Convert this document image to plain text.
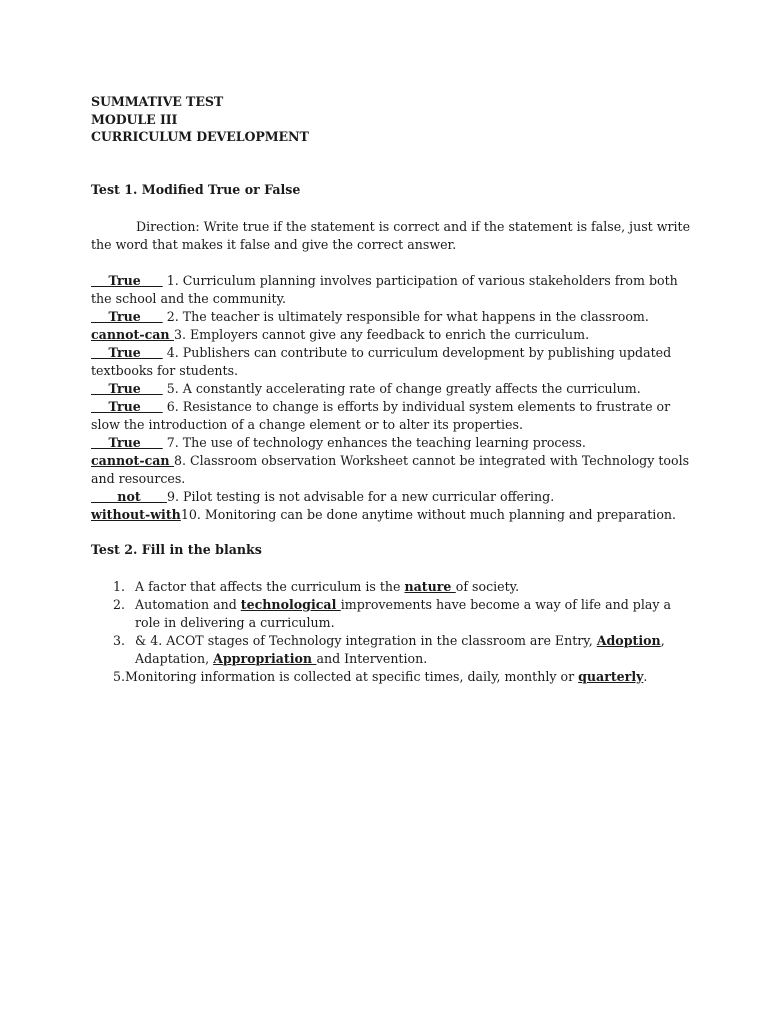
SUMMATIVE TEST
MODULE III
CURRICULUM DEVELOPMENT
Test 1. Modified True or False
Direction: Write true if the statement is correct and if the statement is false, just write the word that makes it false and give the correct answer.
True      1. Curriculum planning involves participation of various stakeholders from both the school and the community.
True      2. The teacher is ultimately responsible for what happens in the classroom.
cannot-can 3. Employers cannot give any feedback to enrich the curriculum.
True      4. Publishers can contribute to curriculum development by publishing updated textbooks for students.
True      5. A constantly accelerating rate of change greatly affects the curriculum.
True      6. Resistance to change is efforts by individual system elements to frustrate or slow the introduction of a change element or to alter its properties.
True      7. The use of technology enhances the teaching learning process.
cannot-can 8. Classroom observation Worksheet cannot be integrated with Technology tools and resources.
not      9. Pilot testing is not advisable for a new curricular offering.
without-with10. Monitoring can be done anytime without much planning and preparation.
Test 2. Fill in the blanks
1. A factor that affects the curriculum is the nature of society.
2. Automation and technological improvements have become a way of life and play a role in delivering a curriculum.
3. & 4. ACOT stages of Technology integration in the classroom are Entry, Adoption, Adaptation, Appropriation and Intervention.
5.Monitoring information is collected at specific times, daily, monthly or quarterly.
